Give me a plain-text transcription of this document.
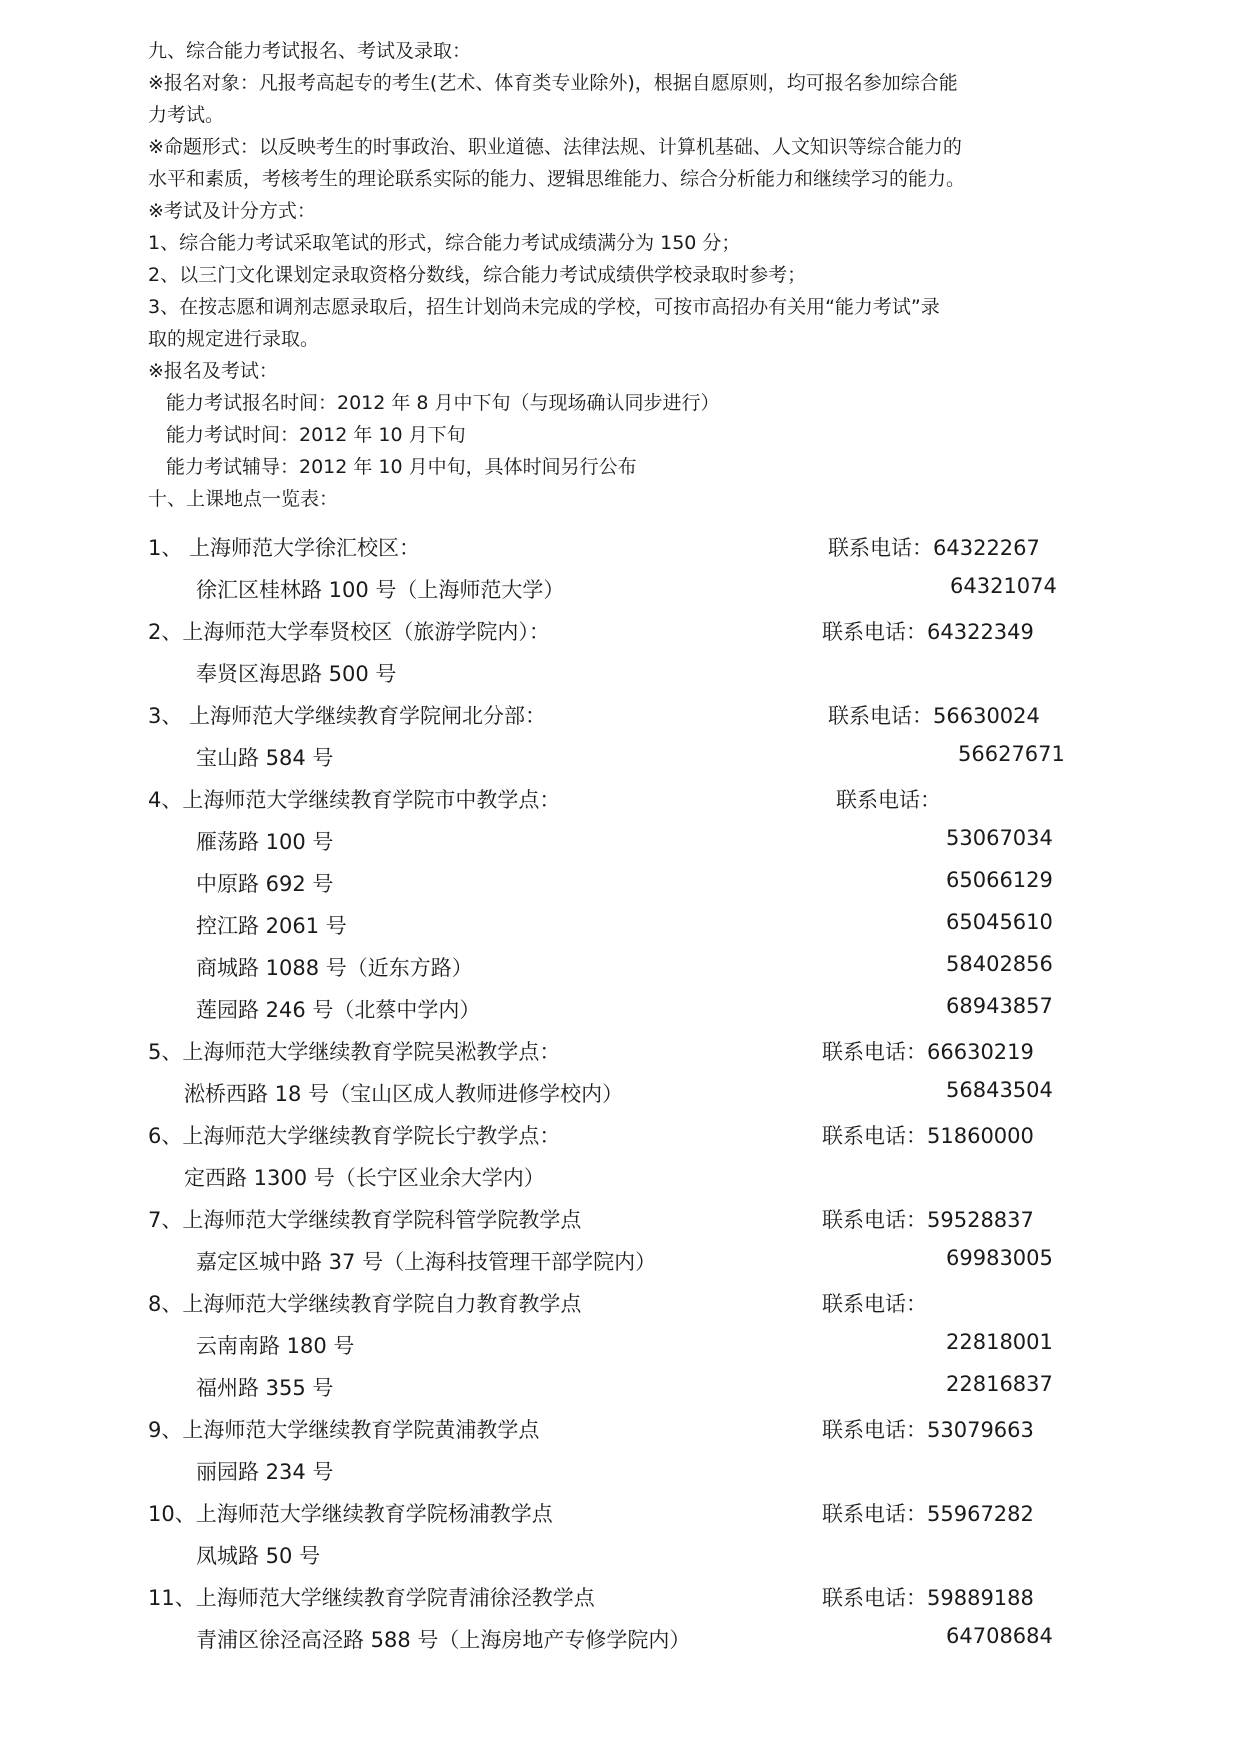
九、综合能力考试报名、考试及录取：
※报名对象：凡报考高起专的考生(艺术、体育类专业除外)，根据自愿原则，均可报名参加综合能
力考试。
※命题形式：以反映考生的时事政治、职业道德、法律法规、计算机基础、人文知识等综合能力的
水平和素质，考核考生的理论联系实际的能力、逻辑思维能力、综合分析能力和继续学习的能力。
※考试及计分方式：
1、综合能力考试采取笔试的形式，综合能力考试成绩满分为 150 分；
2、以三门文化课划定录取资格分数线，综合能力考试成绩供学校录取时参考；
3、在按志愿和调剂志愿录取后，招生计划尚未完成的学校，可按市高招办有关用“能力考试”录
取的规定进行录取。
※报名及考试：
能力考试报名时间：2012 年 8 月中下旬（与现场确认同步进行）
能力考试时间：2012 年 10 月下旬
能力考试辅导：2012 年 10 月中旬，具体时间另行公布
十、上课地点一览表：
1、 上海师范大学徐汇校区：	联系电话：64322267
徐汇区桂林路 100 号（上海师范大学）	64321074
2、上海师范大学奉贤校区（旅游学院内）：	联系电话：64322349
奉贤区海思路 500 号
3、 上海师范大学继续教育学院闸北分部：	联系电话：56630024
宝山路 584 号	56627671
4、上海师范大学继续教育学院市中教学点：	联系电话：
雁荡路 100 号	53067034
中原路 692 号	65066129
控江路 2061 号	65045610
商城路 1088 号（近东方路）	58402856
莲园路 246 号（北蔡中学内）	68943857
5、上海师范大学继续教育学院吴淞教学点：	联系电话：66630219
淞桥西路 18 号（宝山区成人教师进修学校内）	56843504
6、上海师范大学继续教育学院长宁教学点：	联系电话：51860000
定西路 1300 号（长宁区业余大学内）
7、上海师范大学继续教育学院科管学院教学点	联系电话：59528837
嘉定区城中路 37 号（上海科技管理干部学院内）	69983005
8、上海师范大学继续教育学院自力教育教学点	联系电话：
云南南路 180 号	22818001
福州路 355 号	22816837
9、上海师范大学继续教育学院黄浦教学点	联系电话：53079663
丽园路 234 号
10、上海师范大学继续教育学院杨浦教学点	联系电话：55967282
凤城路 50 号
11、上海师范大学继续教育学院青浦徐泾教学点	联系电话：59889188
青浦区徐泾高泾路 588 号（上海房地产专修学院内）	64708684
